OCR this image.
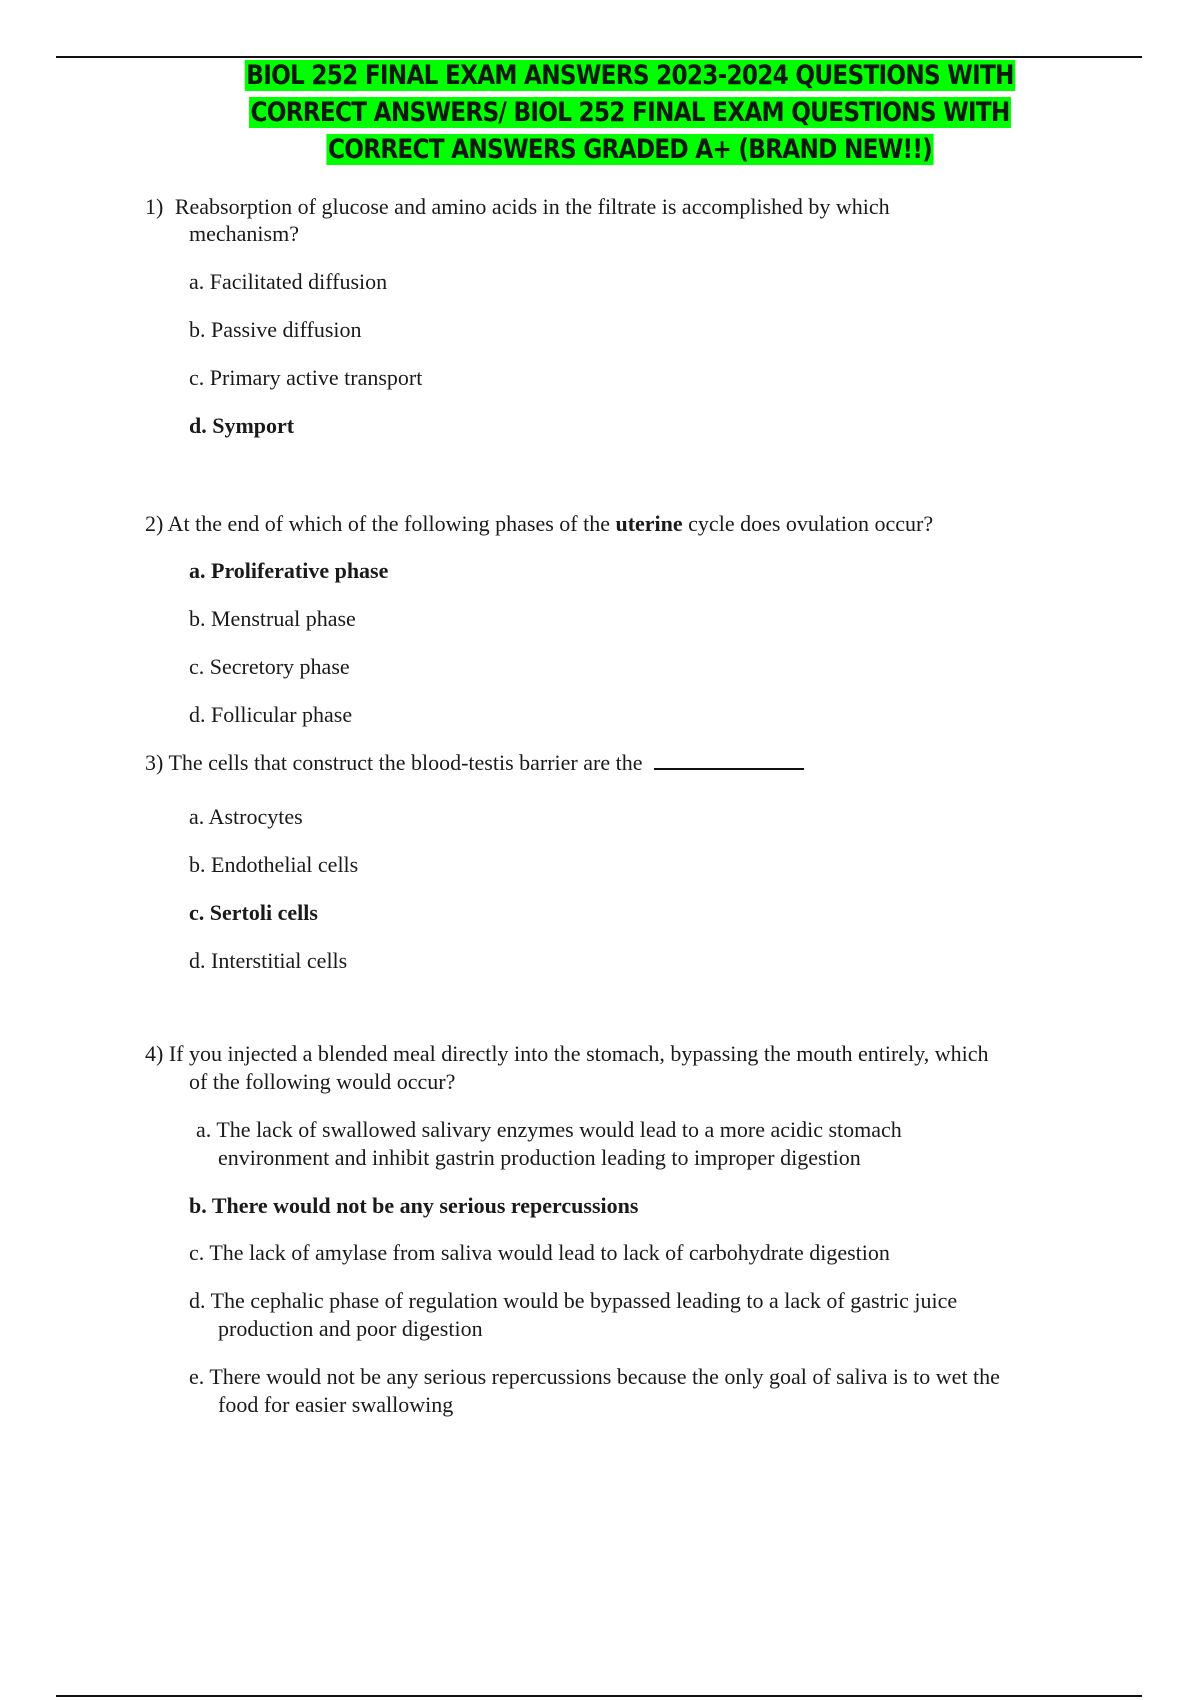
BIOL 252 FINAL EXAM ANSWERS 2023-2024 QUESTIONS WITH
CORRECT ANSWERS/ BIOL 252 FINAL EXAM QUESTIONS WITH
CORRECT ANSWERS GRADED A+ (BRAND NEW!!)
1) Reabsorption of glucose and amino acids in the filtrate is accomplished by which
mechanism?
a. Facilitated diffusion
b. Passive diffusion
c. Primary active transport
d. Symport
2) At the end of which of the following phases of the uterine cycle does ovulation occur?
a. Proliferative phase
b. Menstrual phase
c. Secretory phase
d. Follicular phase
3) The cells that construct the blood-testis barrier are the
a. Astrocytes
b. Endothelial cells
c. Sertoli cells
d. Interstitial cells
4) If you injected a blended meal directly into the stomach, bypassing the mouth entirely, which
of the following would occur?
a. The lack of swallowed salivary enzymes would lead to a more acidic stomach
environment and inhibit gastrin production leading to improper digestion
b. There would not be any serious repercussions
c. The lack of amylase from saliva would lead to lack of carbohydrate digestion
d. The cephalic phase of regulation would be bypassed leading to a lack of gastric juice
production and poor digestion
e. There would not be any serious repercussions because the only goal of saliva is to wet the
food for easier swallowing
